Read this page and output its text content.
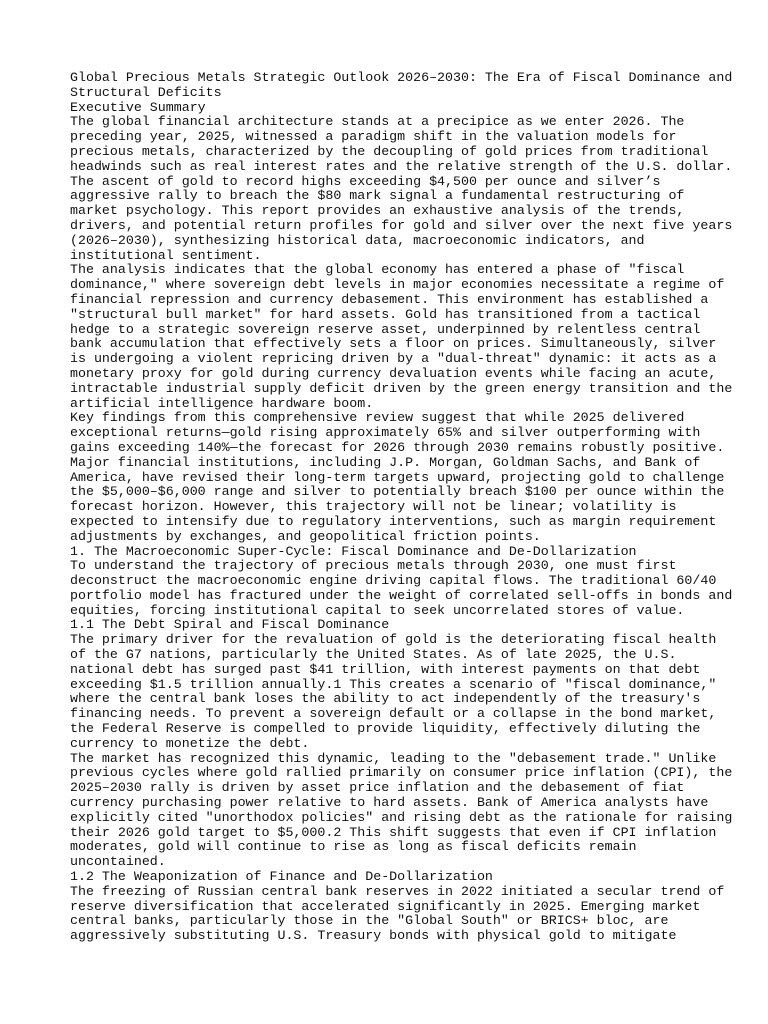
Global Precious Metals Strategic Outlook 2026–2030: The Era of Fiscal Dominance and
Structural Deficits
Executive Summary
The global financial architecture stands at a precipice as we enter 2026. The
preceding year, 2025, witnessed a paradigm shift in the valuation models for
precious metals, characterized by the decoupling of gold prices from traditional
headwinds such as real interest rates and the relative strength of the U.S. dollar.
The ascent of gold to record highs exceeding $4,500 per ounce and silver’s
aggressive rally to breach the $80 mark signal a fundamental restructuring of
market psychology. This report provides an exhaustive analysis of the trends,
drivers, and potential return profiles for gold and silver over the next five years
(2026–2030), synthesizing historical data, macroeconomic indicators, and
institutional sentiment.
The analysis indicates that the global economy has entered a phase of "fiscal
dominance," where sovereign debt levels in major economies necessitate a regime of
financial repression and currency debasement. This environment has established a
"structural bull market" for hard assets. Gold has transitioned from a tactical
hedge to a strategic sovereign reserve asset, underpinned by relentless central
bank accumulation that effectively sets a floor on prices. Simultaneously, silver
is undergoing a violent repricing driven by a "dual-threat" dynamic: it acts as a
monetary proxy for gold during currency devaluation events while facing an acute,
intractable industrial supply deficit driven by the green energy transition and the
artificial intelligence hardware boom.
Key findings from this comprehensive review suggest that while 2025 delivered
exceptional returns—gold rising approximately 65% and silver outperforming with
gains exceeding 140%—the forecast for 2026 through 2030 remains robustly positive.
Major financial institutions, including J.P. Morgan, Goldman Sachs, and Bank of
America, have revised their long-term targets upward, projecting gold to challenge
the $5,000–$6,000 range and silver to potentially breach $100 per ounce within the
forecast horizon. However, this trajectory will not be linear; volatility is
expected to intensify due to regulatory interventions, such as margin requirement
adjustments by exchanges, and geopolitical friction points.
1. The Macroeconomic Super-Cycle: Fiscal Dominance and De-Dollarization
To understand the trajectory of precious metals through 2030, one must first
deconstruct the macroeconomic engine driving capital flows. The traditional 60/40
portfolio model has fractured under the weight of correlated sell-offs in bonds and
equities, forcing institutional capital to seek uncorrelated stores of value.
1.1 The Debt Spiral and Fiscal Dominance
The primary driver for the revaluation of gold is the deteriorating fiscal health
of the G7 nations, particularly the United States. As of late 2025, the U.S.
national debt has surged past $41 trillion, with interest payments on that debt
exceeding $1.5 trillion annually.1 This creates a scenario of "fiscal dominance,"
where the central bank loses the ability to act independently of the treasury's
financing needs. To prevent a sovereign default or a collapse in the bond market,
the Federal Reserve is compelled to provide liquidity, effectively diluting the
currency to monetize the debt.
The market has recognized this dynamic, leading to the "debasement trade." Unlike
previous cycles where gold rallied primarily on consumer price inflation (CPI), the
2025–2030 rally is driven by asset price inflation and the debasement of fiat
currency purchasing power relative to hard assets. Bank of America analysts have
explicitly cited "unorthodox policies" and rising debt as the rationale for raising
their 2026 gold target to $5,000.2 This shift suggests that even if CPI inflation
moderates, gold will continue to rise as long as fiscal deficits remain
uncontained.
1.2 The Weaponization of Finance and De-Dollarization
The freezing of Russian central bank reserves in 2022 initiated a secular trend of
reserve diversification that accelerated significantly in 2025. Emerging market
central banks, particularly those in the "Global South" or BRICS+ bloc, are
aggressively substituting U.S. Treasury bonds with physical gold to mitigate
